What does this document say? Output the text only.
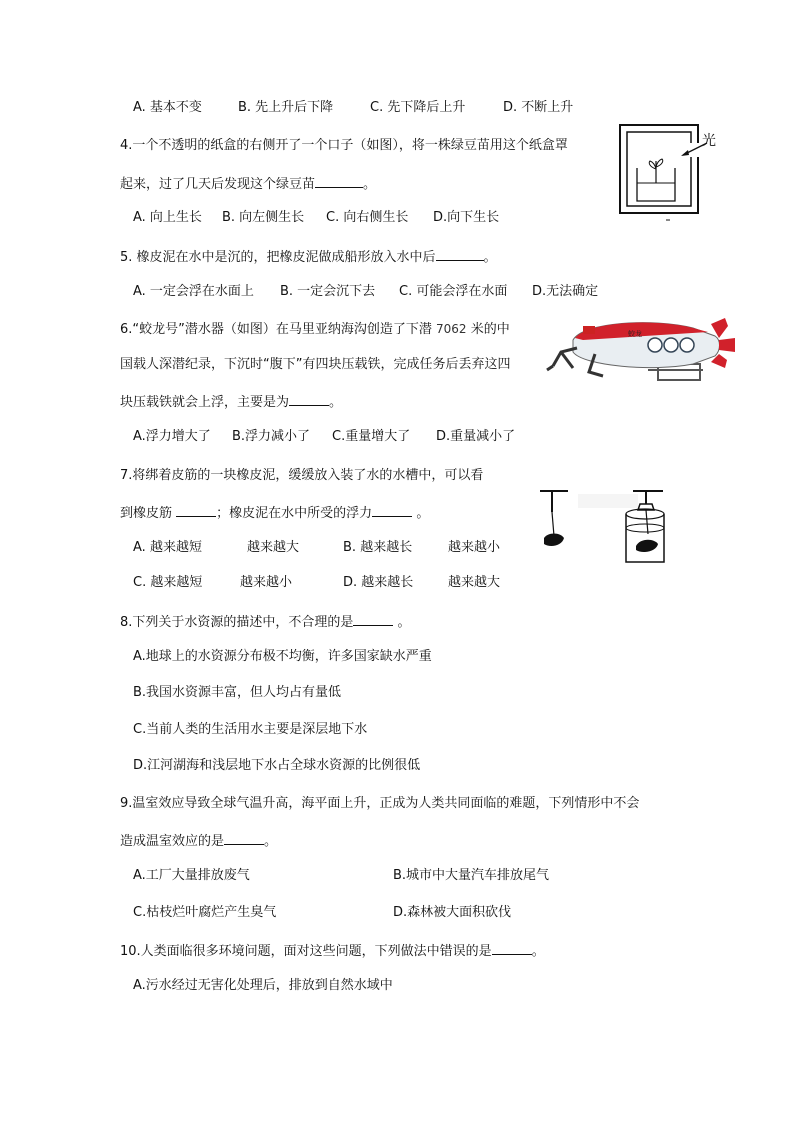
A. 基本不变	B. 先上升后下降	C. 先下降后上升	D. 不断上升
4.一个不透明的纸盒的右侧开了一个口子（如图），将一株绿豆苗用这个纸盒罩
起来，过了几天后发现这个绿豆苗	。
A. 向上生长 B. 向左侧生长 C. 向右侧生长 D.向下生长
光
5. 橡皮泥在水中是沉的，把橡皮泥做成船形放入水中后	。
A. 一定会浮在水面上 B. 一定会沉下去 C. 可能会浮在水面 D.无法确定
6.“蛟龙号”潜水器（如图）在马里亚纳海沟创造了下潜 7062 米的中
国载人深潜纪录，下沉时“腹下”有四块压载铁，完成任务后丢弃这四
块压载铁就会上浮，主要是为	。
A.浮力增大了 B.浮力减小了 C.重量增大了 D.重量减小了
蛟龙
7.将绑着皮筋的一块橡皮泥，缓缓放入装了水的水槽中，可以看
到橡皮筋	；橡皮泥在水中所受的浮力	。
A. 越来越短	越来越大	B. 越来越长	越来越小
C. 越来越短	越来越小	D. 越来越长	越来越大
8.下列关于水资源的描述中，不合理的是	。
A.地球上的水资源分布极不均衡，许多国家缺水严重
B.我国水资源丰富，但人均占有量低
C.当前人类的生活用水主要是深层地下水
D.江河湖海和浅层地下水占全球水资源的比例很低
9.温室效应导致全球气温升高，海平面上升，正成为人类共同面临的难题，下列情形中不会
造成温室效应的是	。
A.工厂大量排放废气	B.城市中大量汽车排放尾气
C.枯枝烂叶腐烂产生臭气	D.森林被大面积砍伐
10.人类面临很多环境问题，面对这些问题，下列做法中错误的是	。
A.污水经过无害化处理后，排放到自然水域中
